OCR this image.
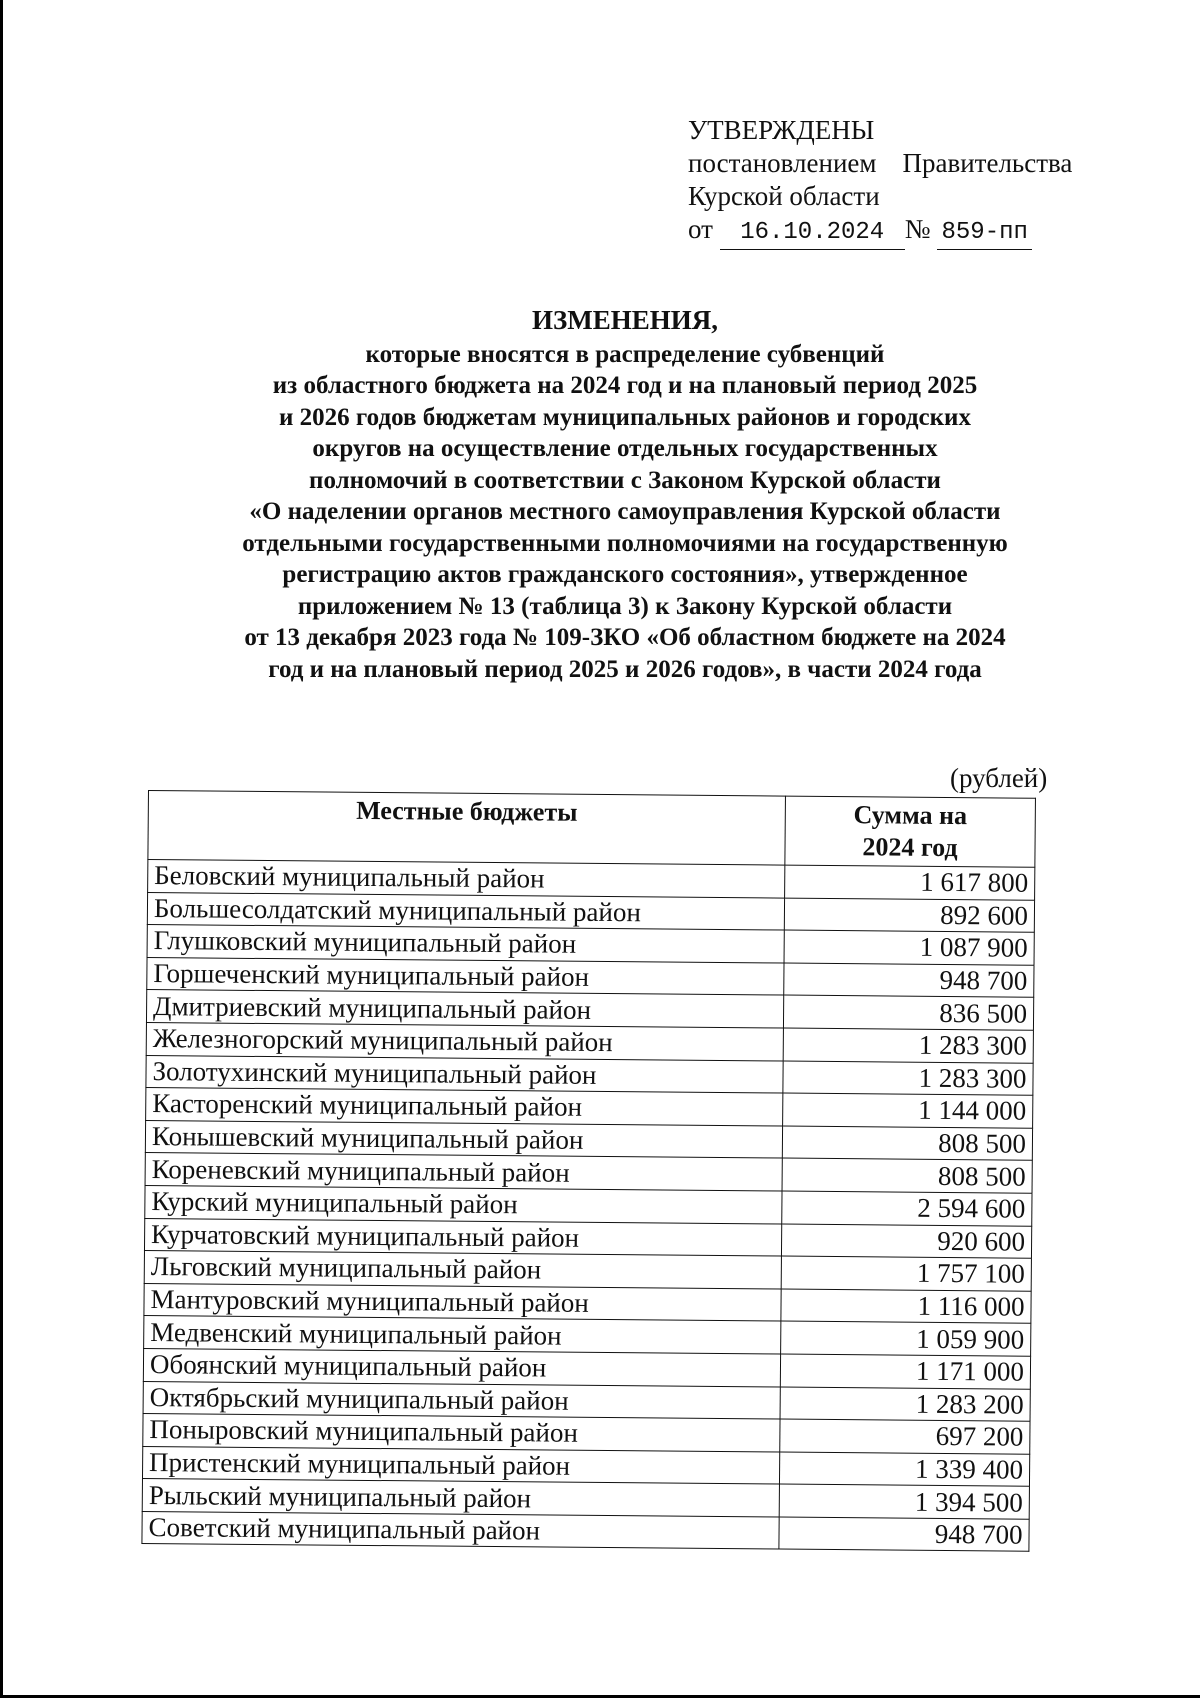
УТВЕРЖДЕНЫ
постановлением Правительства
Курской области
от 16.10.2024 № 859-пп
ИЗМЕНЕНИЯ,
которые вносятся в распределение субвенций
из областного бюджета на 2024 год и на плановый период 2025
и 2026 годов бюджетам муниципальных районов и городских
округов на осуществление отдельных государственных
полномочий в соответствии с Законом Курской области
«О наделении органов местного самоуправления Курской области
отдельными государственными полномочиями на государственную
регистрацию актов гражданского состояния», утвержденное
приложением № 13 (таблица 3) к Закону Курской области
от 13 декабря 2023 года № 109-ЗКО «Об областном бюджете на 2024
год и на плановый период 2025 и 2026 годов», в части 2024 года
(рублей)
Местные бюджеты	Сумма на
2024 год

Беловский муниципальный район	1 617 800
Большесолдатский муниципальный район	892 600
Глушковский муниципальный район	1 087 900
Горшеченский муниципальный район	948 700
Дмитриевский муниципальный район	836 500
Железногорский муниципальный район	1 283 300
Золотухинский муниципальный район	1 283 300
Касторенский муниципальный район	1 144 000
Конышевский муниципальный район	808 500
Кореневский муниципальный район	808 500
Курский муниципальный район	2 594 600
Курчатовский муниципальный район	920 600
Льговский муниципальный район	1 757 100
Мантуровский муниципальный район	1 116 000
Медвенский муниципальный район	1 059 900
Обоянский муниципальный район	1 171 000
Октябрьский муниципальный район	1 283 200
Поныровский муниципальный район	697 200
Пристенский муниципальный район	1 339 400
Рыльский муниципальный район	1 394 500
Советский муниципальный район	948 700
